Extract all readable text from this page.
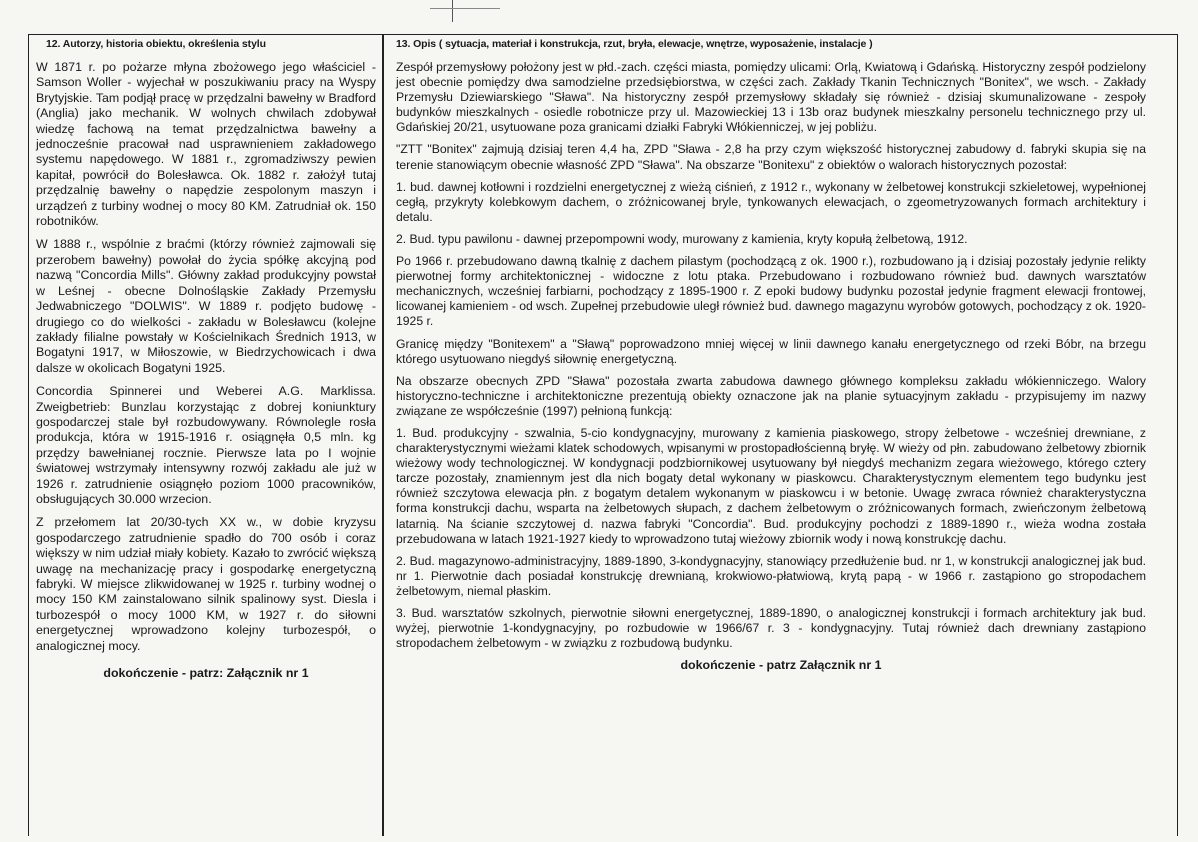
12. Autorzy, historia obiektu, określenia stylu

W 1871 r. po pożarze młyna zbożowego jego właściciel - Samson Woller - wyjechał w poszukiwaniu pracy na Wyspy Brytyjskie. Tam podjął pracę w przędzalni bawełny w Bradford (Anglia) jako mechanik. W wolnych chwilach zdobywał wiedzę fachową na temat przędzalnictwa bawełny a jednocześnie pracował nad usprawnieniem zakładowego systemu napędowego. W 1881 r., zgromadziwszy pewien kapitał, powrócił do Bolesławca. Ok. 1882 r. założył tutaj przędzalnię bawełny o napędzie zespolonym maszyn i urządzeń z turbiny wodnej o mocy 80 KM. Zatrudniał ok. 150 robotników.

W 1888 r., wspólnie z braćmi (którzy również zajmowali się przerobem bawełny) powołał do życia spółkę akcyjną pod nazwą "Concordia Mills". Główny zakład produkcyjny powstał w Leśnej - obecne Dolnośląskie Zakłady Przemysłu Jedwabniczego "DOLWIS". W 1889 r. podjęto budowę - drugiego co do wielkości - zakładu w Bolesławcu (kolejne zakłady filialne powstały w Kościelnikach Średnich 1913, w Bogatyni 1917, w Miłoszowie, w Biedrzychowicach i dwa dalsze w okolicach Bogatyni 1925.

Concordia Spinnerei und Weberei A.G. Marklissa. Zweigbetrieb: Bunzlau korzystając z dobrej koniunktury gospodarczej stale był rozbudowywany. Równolegle rosła produkcja, która w 1915-1916 r. osiągnęła 0,5 mln. kg przędzy bawełnianej rocznie. Pierwsze lata po I wojnie światowej wstrzymały intensywny rozwój zakładu ale już w 1926 r. zatrudnienie osiągnęło poziom 1000 pracowników, obsługujących 30.000 wrzecion.

Z przełomem lat 20/30-tych XX w., w dobie kryzysu gospodarczego zatrudnienie spadło do 700 osób i coraz większy w nim udział miały kobiety. Kazało to zwrócić większą uwagę na mechanizację pracy i gospodarkę energetyczną fabryki. W miejsce zlikwidowanej w 1925 r. turbiny wodnej o mocy 150 KM zainstalowano silnik spalinowy syst. Diesla i turbozespół o mocy 1000 KM, w 1927 r. do siłowni energetycznej wprowadzono kolejny turbozespół, o analogicznej mocy.

dokończenie - patrz: Załącznik nr 1
13. Opis ( sytuacja, materiał i konstrukcja, rzut, bryła, elewacje, wnętrze, wyposażenie, instalacje )

Zespół przemysłowy położony jest w płd.-zach. części miasta, pomiędzy ulicami: Orlą, Kwiatową i Gdańską. Historyczny zespół podzielony jest obecnie pomiędzy dwa samodzielne przedsiębiorstwa, w części zach. Zakłady Tkanin Technicznych "Bonitex", we wsch. - Zakłady Przemysłu Dziewiarskiego "Sława". Na historyczny zespół przemysłowy składały się również - dzisiaj skumunalizowane - zespoły budynków mieszkalnych - osiedle robotnicze przy ul. Mazowieckiej 13 i 13b oraz budynek mieszkalny personelu technicznego przy ul. Gdańskiej 20/21, usytuowane poza granicami działki Fabryki Włókienniczej, w jej pobliżu.

"ZTT "Bonitex" zajmują dzisiaj teren 4,4 ha, ZPD "Sława - 2,8 ha przy czym większość historycznej zabudowy d. fabryki skupia się na terenie stanowiącym obecnie własność ZPD "Sława". Na obszarze "Bonitexu" z obiektów o walorach historycznych pozostał:

1. bud. dawnej kotłowni i rozdzielni energetycznej z wieżą ciśnień, z 1912 r., wykonany w żelbetowej konstrukcji szkieletowej, wypełnionej cegłą, przykryty kolebkowym dachem, o zróżnicowanej bryle, tynkowanych elewacjach, o zgeometryzowanych formach architektury i detalu.

2. Bud. typu pawilonu - dawnej przepompowni wody, murowany z kamienia, kryty kopułą żelbetową, 1912.

Po 1966 r. przebudowano dawną tkalnię z dachem pilastym (pochodzącą z ok. 1900 r.), rozbudowano ją i dzisiaj pozostały jedynie relikty pierwotnej formy architektonicznej - widoczne z lotu ptaka. Przebudowano i rozbudowano również bud. dawnych warsztatów mechanicznych, wcześniej farbiarni, pochodzący z 1895-1900 r. Z epoki budowy budynku pozostał jedynie fragment elewacji frontowej, licowanej kamieniem - od wsch. Zupełnej przebudowie uległ również bud. dawnego magazynu wyrobów gotowych, pochodzący z ok. 1920-1925 r.

Granicę między "Bonitexem" a "Sławą" poprowadzono mniej więcej w linii dawnego kanału energetycznego od rzeki Bóbr, na brzegu którego usytuowano niegdyś siłownię energetyczną.

Na obszarze obecnych ZPD "Sława" pozostała zwarta zabudowa dawnego głównego kompleksu zakładu włókienniczego. Walory historyczno-techniczne i architektoniczne prezentują obiekty oznaczone jak na planie sytuacyjnym zakładu - przypisujemy im nazwy związane ze współcześnie (1997) pełnioną funkcją:

1. Bud. produkcyjny - szwalnia, 5-cio kondygnacyjny, murowany z kamienia piaskowego, stropy żelbetowe - wcześniej drewniane, z charakterystycznymi wieżami klatek schodowych, wpisanymi w prostopadłościenną bryłę. W wieży od płn. zabudowano żelbetowy zbiornik wieżowy wody technologicznej. W kondygnacji podzbiornikowej usytuowany był niegdyś mechanizm zegara wieżowego, którego cztery tarcze pozostały, znamiennym jest dla nich bogaty detal wykonany w piaskowcu. Charakterystycznym elementem tego budynku jest również szczytowa elewacja płn. z bogatym detalem wykonanym w piaskowcu i w betonie. Uwagę zwraca również charakterystyczna forma konstrukcji dachu, wsparta na żelbetowych słupach, z dachem żelbetowym o zróżnicowanych formach, zwieńczonym żelbetową latarnią. Na ścianie szczytowej d. nazwa fabryki "Concordia". Bud. produkcyjny pochodzi z 1889-1890 r., wieża wodna została przebudowana w latach 1921-1927 kiedy to wprowadzono tutaj wieżowy zbiornik wody i nową konstrukcję dachu.

2. Bud. magazynowo-administracyjny, 1889-1890, 3-kondygnacyjny, stanowiący przedłużenie bud. nr 1, w konstrukcji analogicznej jak bud. nr 1. Pierwotnie dach posiadał konstrukcję drewnianą, krokwiowo-płatwiową, krytą papą - w 1966 r. zastąpiono go stropodachem żelbetowym, niemal płaskim.

3. Bud. warsztatów szkolnych, pierwotnie siłowni energetycznej, 1889-1890, o analogicznej konstrukcji i formach architektury jak bud. wyżej, pierwotnie 1-kondygnacyjny, po rozbudowie w 1966/67 r. 3 - kondygnacyjny. Tutaj również dach drewniany zastąpiono stropodachem żelbetowym - w związku z rozbudową budynku.

dokończenie - patrz Załącznik nr 1
